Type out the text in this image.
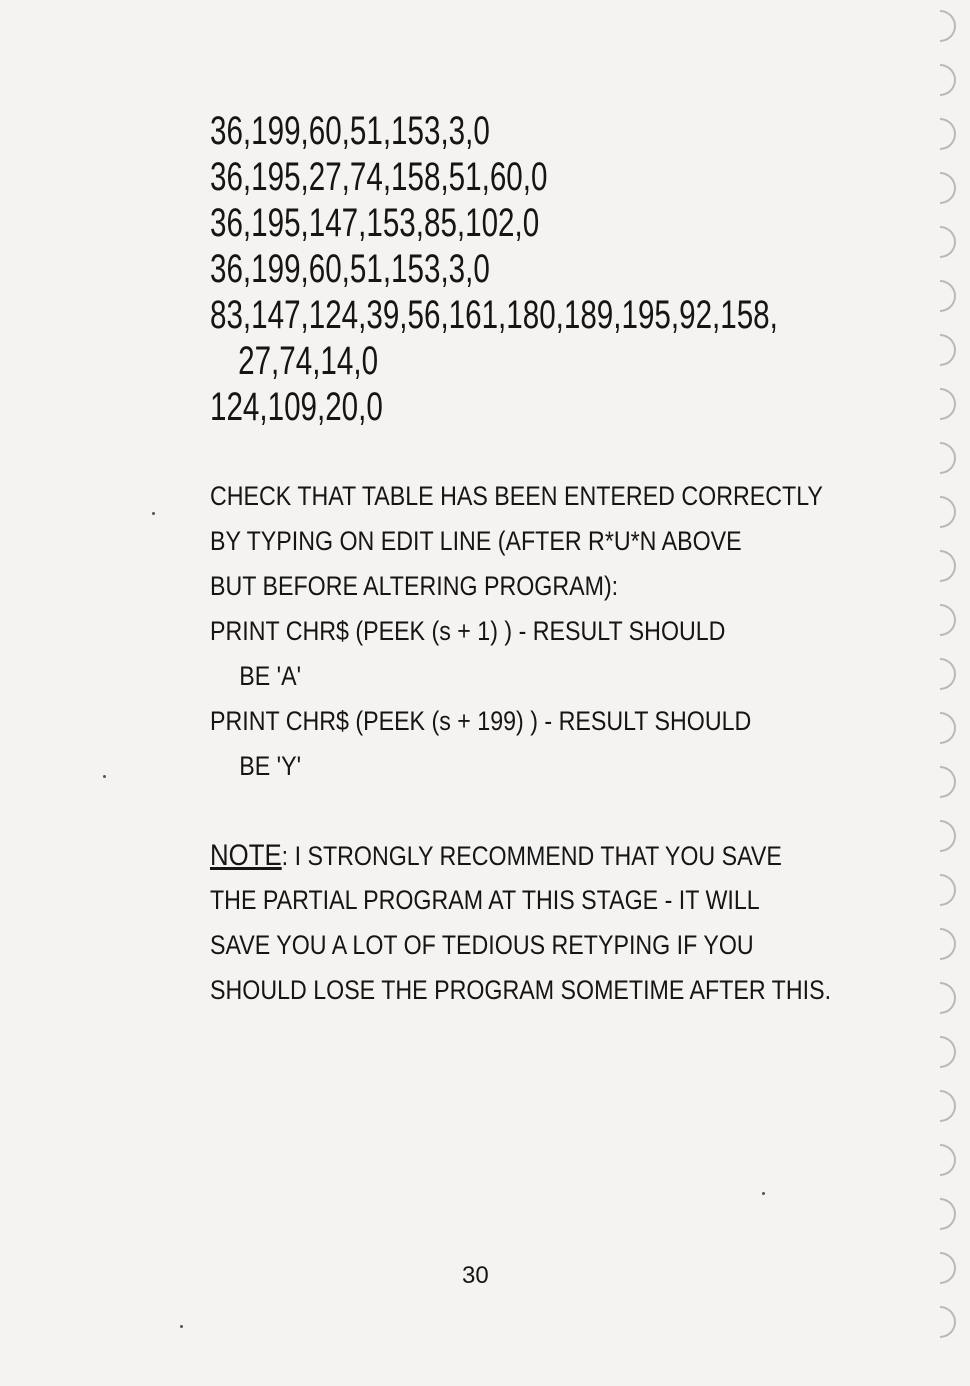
36,199,60,51,153,3,0
36,195,27,74,158,51,60,0
36,195,147,153,85,102,0
36,199,60,51,153,3,0
83,147,124,39,56,161,180,189,195,92,158,
27,74,14,0
124,109,20,0
CHECK THAT TABLE HAS BEEN ENTERED CORRECTLY
BY TYPING ON EDIT LINE (AFTER R*U*N ABOVE
BUT BEFORE ALTERING PROGRAM):
PRINT CHR$ (PEEK (s + 1) ) - RESULT SHOULD
BE 'A'
PRINT CHR$ (PEEK (s + 199) ) - RESULT SHOULD
BE 'Y'
NOTE: I STRONGLY RECOMMEND THAT YOU SAVE
THE PARTIAL PROGRAM AT THIS STAGE - IT WILL
SAVE YOU A LOT OF TEDIOUS RETYPING IF YOU
SHOULD LOSE THE PROGRAM SOMETIME AFTER THIS.
30
